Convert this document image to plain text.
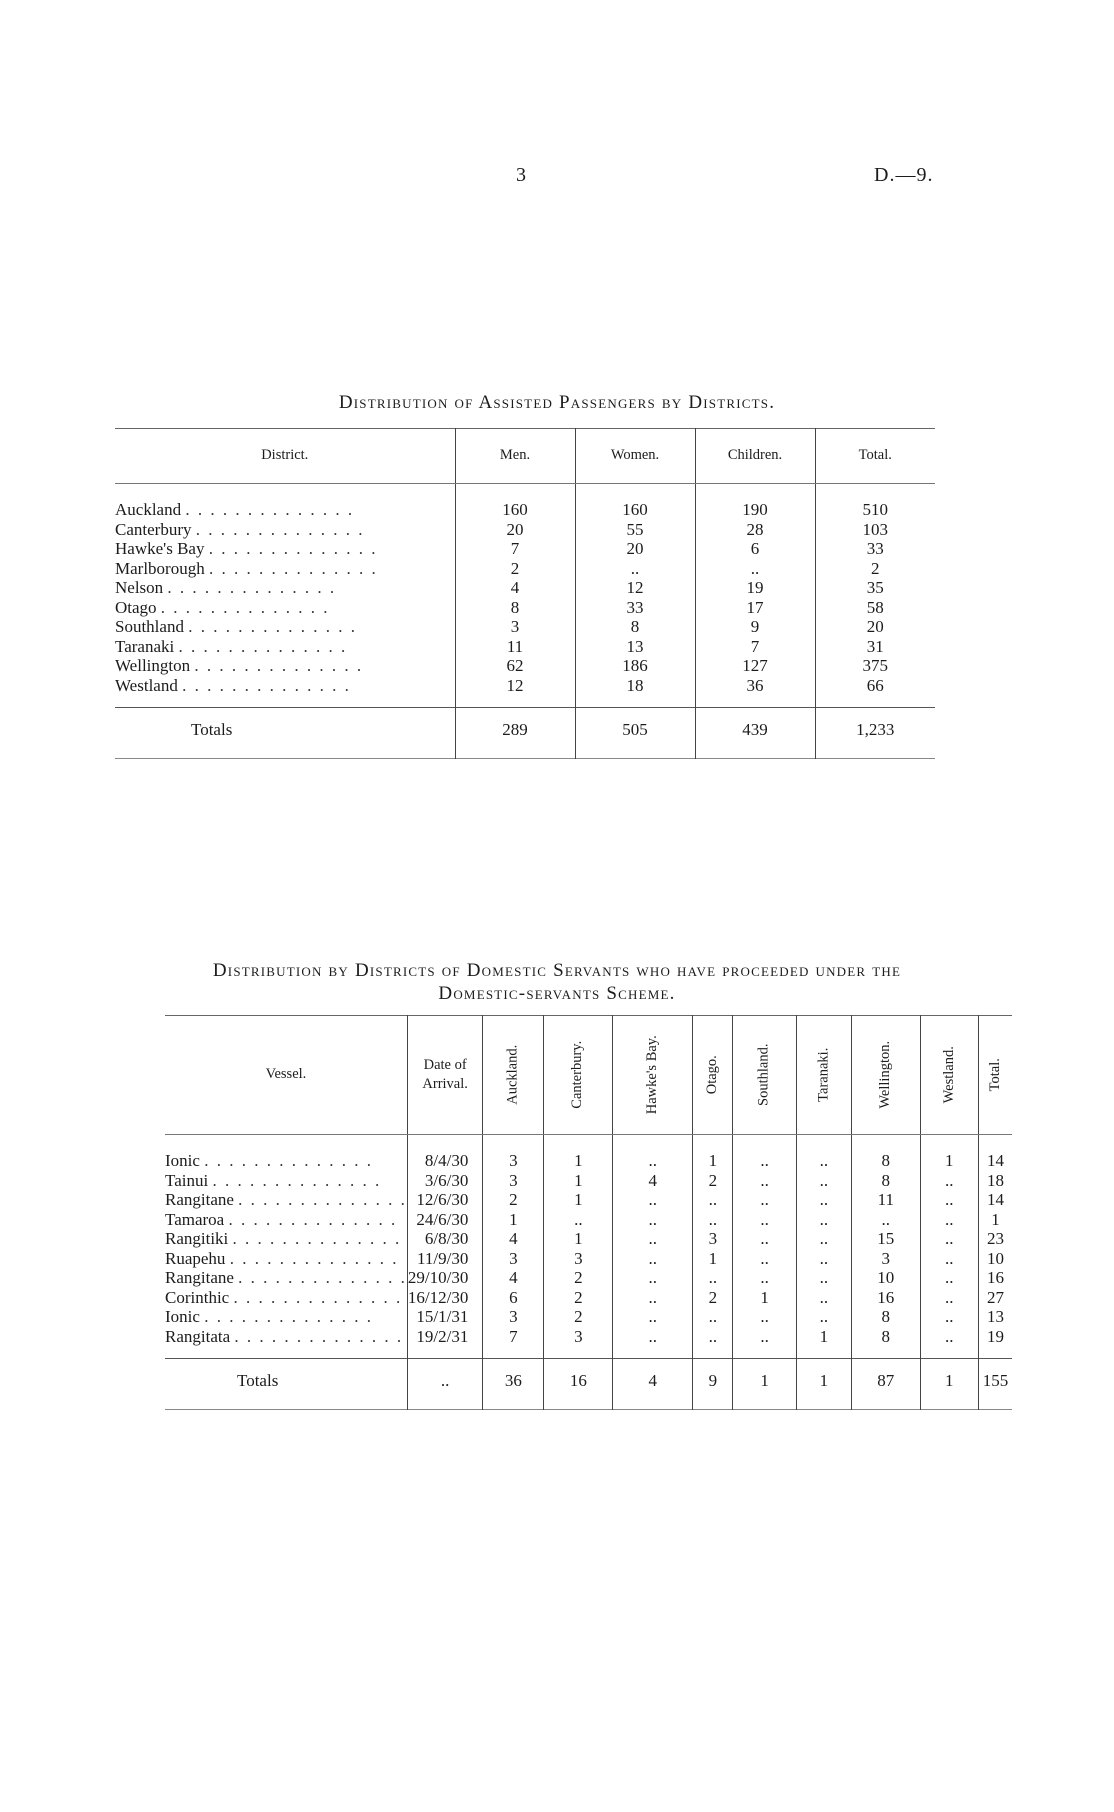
3	D.—9.
Distribution of Assisted Passengers by Districts.
District.	Men.	Women.	Children.	Total.

Auckland . . . . . . . . . . . . . .	160	160	190	510
Canterbury . . . . . . . . . . . . . .	20	55	28	103
Hawke's Bay . . . . . . . . . . . . . .	7	20	6	33
Marlborough . . . . . . . . . . . . . .	2	..	..	2
Nelson . . . . . . . . . . . . . .	4	12	19	35
Otago . . . . . . . . . . . . . .	8	33	17	58
Southland . . . . . . . . . . . . . .	3	8	9	20
Taranaki . . . . . . . . . . . . . .	11	13	7	31
Wellington . . . . . . . . . . . . . .	62	186	127	375
Westland . . . . . . . . . . . . . .	12	18	36	66
Totals	289	505	439	1,233
Distribution by Districts of Domestic Servants who have proceeded under the
Domestic-servants Scheme.
Vessel.	Date of Arrival.	Auckland.	Canterbury.	Hawke's Bay.	Otago.	Southland.	Taranaki.	Wellington.	Westland.	Total.

Ionic . . . . . . . . . . . . . .	8/4/30	3	1	..	1	..	..	8	1	14
Tainui . . . . . . . . . . . . . .	3/6/30	3	1	4	2	..	..	8	..	18
Rangitane . . . . . . . . . . . . . .	12/6/30	2	1	..	..	..	..	11	..	14
Tamaroa . . . . . . . . . . . . . .	24/6/30	1	..	..	..	..	..	..	..	1
Rangitiki . . . . . . . . . . . . . .	6/8/30	4	1	..	3	..	..	15	..	23
Ruapehu . . . . . . . . . . . . . .	11/9/30	3	3	..	1	..	..	3	..	10
Rangitane . . . . . . . . . . . . . .	29/10/30	4	2	..	..	..	..	10	..	16
Corinthic . . . . . . . . . . . . . .	16/12/30	6	2	..	2	1	..	16	..	27
Ionic . . . . . . . . . . . . . .	15/1/31	3	2	..	..	..	..	8	..	13
Rangitata . . . . . . . . . . . . . .	19/2/31	7	3	..	..	..	1	8	..	19
Totals	..	36	16	4	9	1	1	87	1	155
